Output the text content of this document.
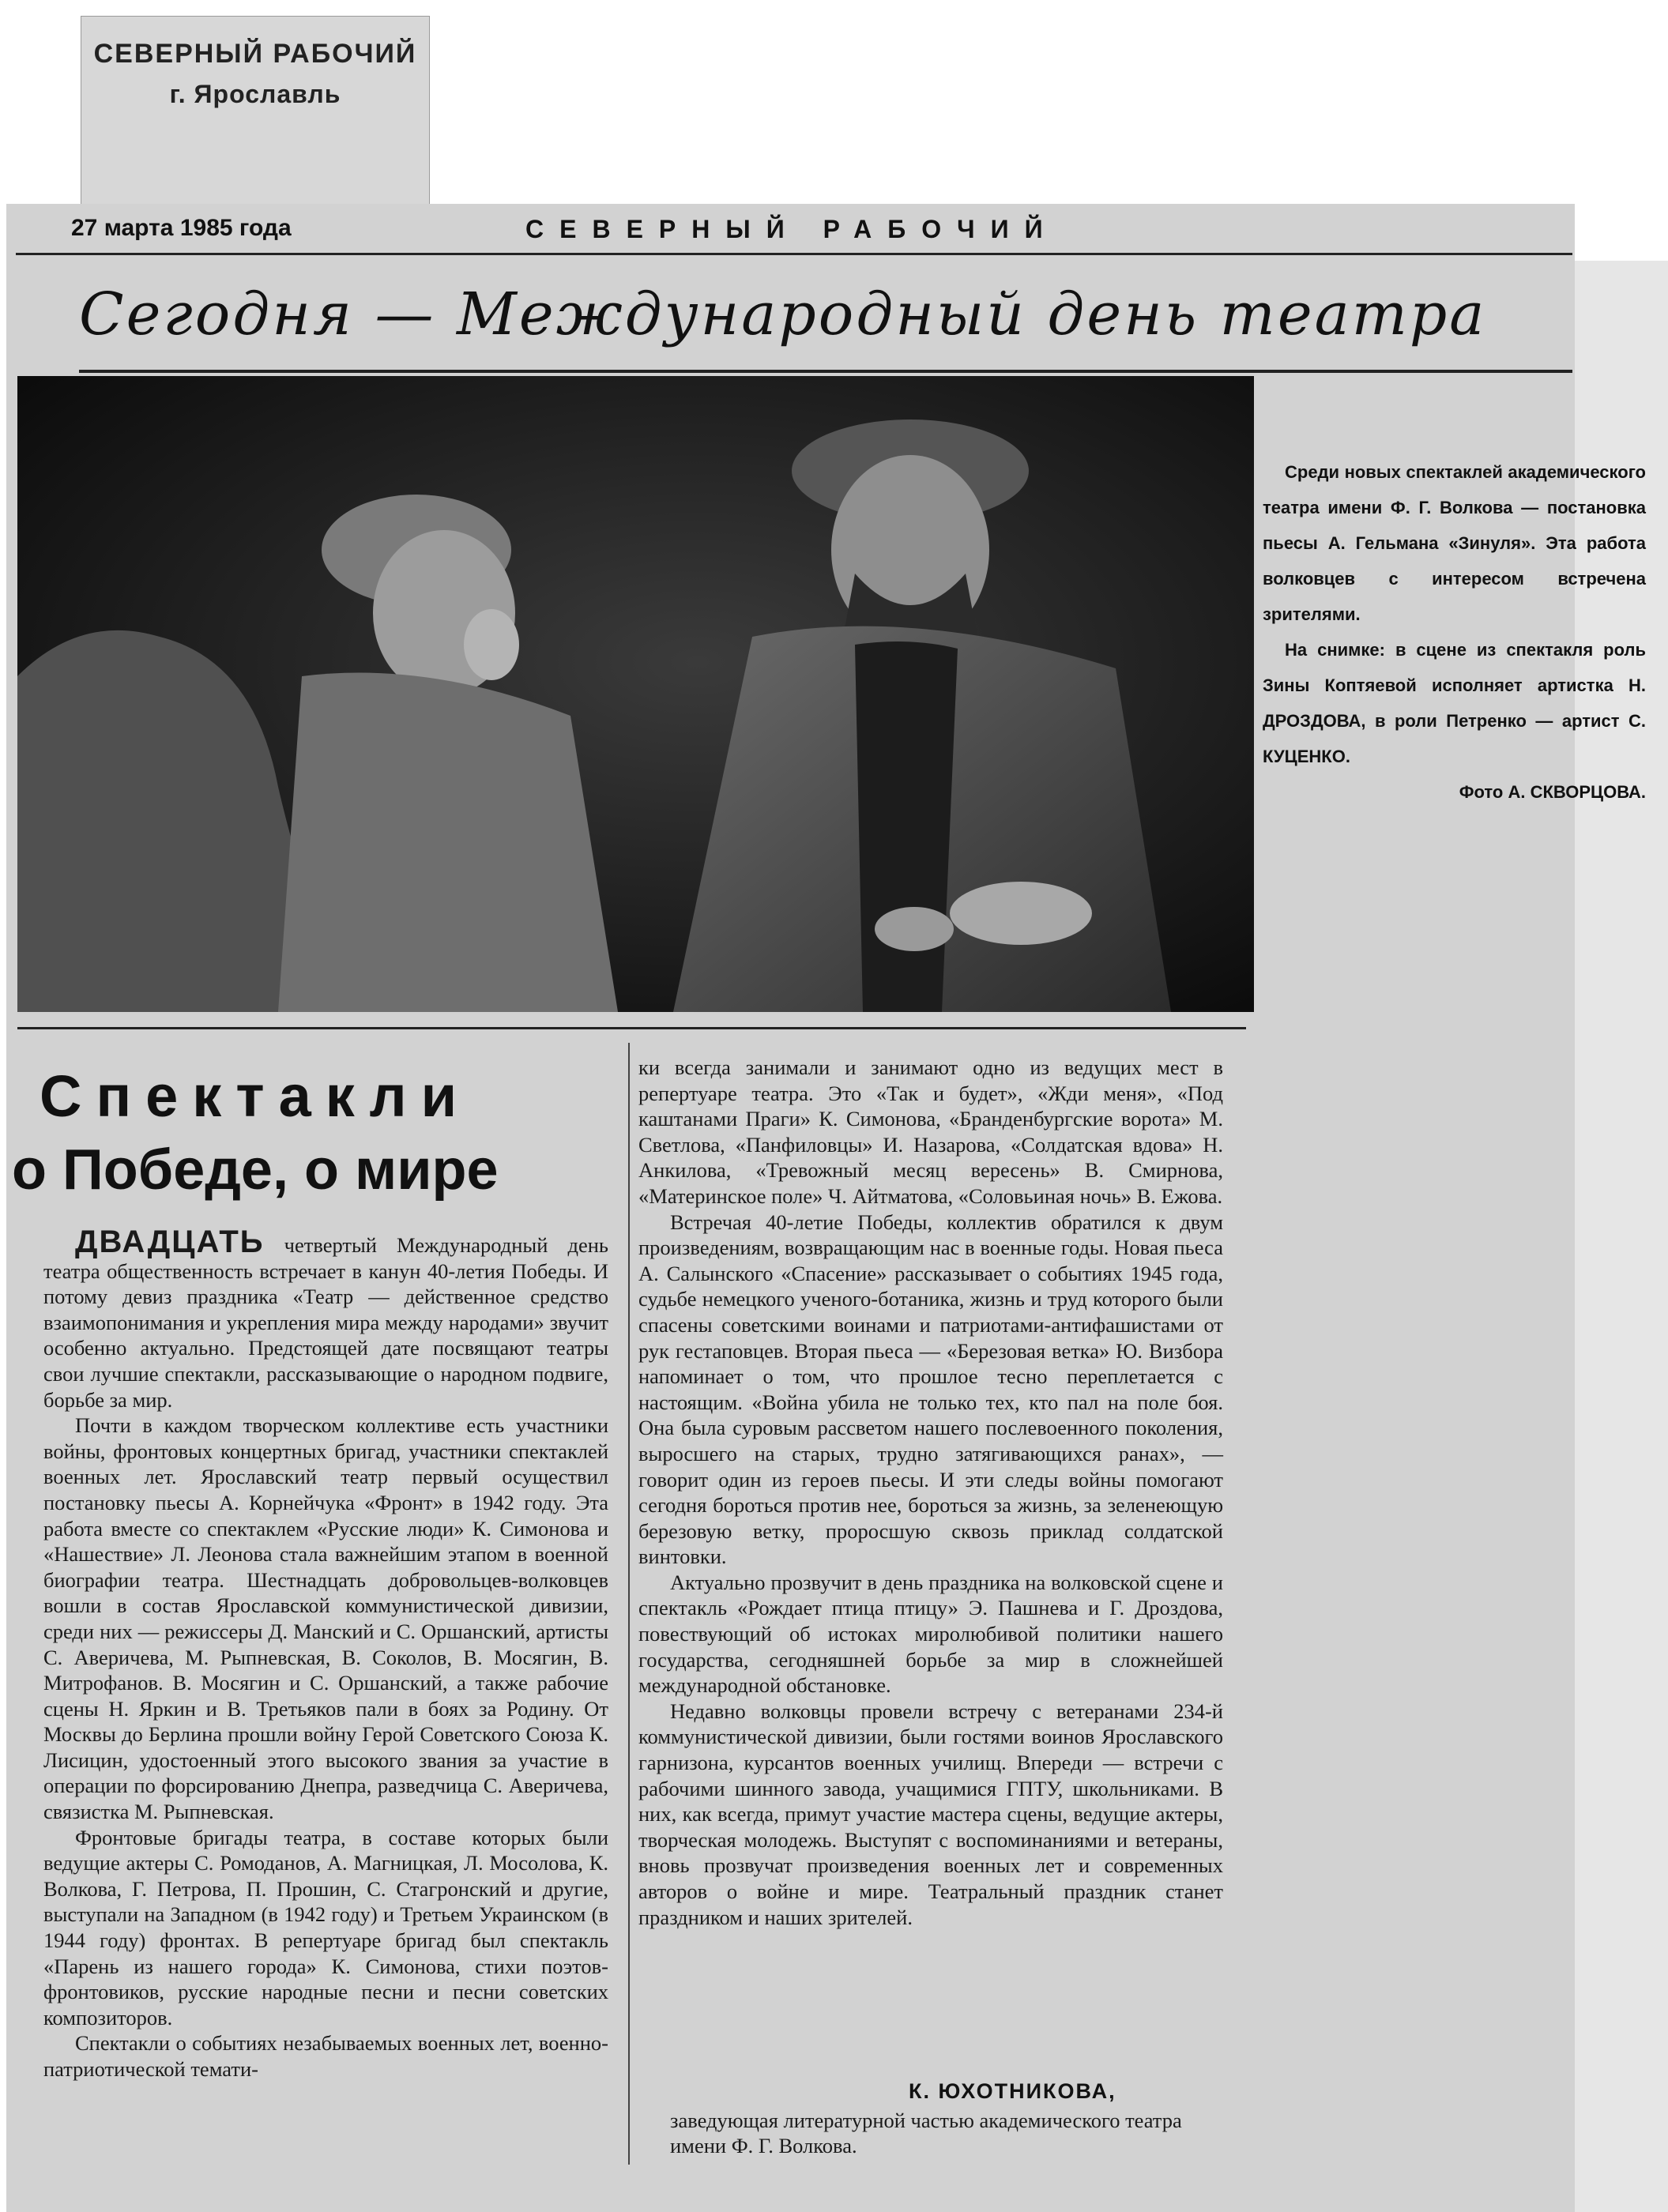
СЕВЕРНЫЙ РАБОЧИЙ
г. Ярославль
27 марта 1985 года	СЕВЕРНЫЙ РАБОЧИЙ
Сегодня — Международный день театра

Среди новых спектаклей академического театра имени Ф. Г. Волкова — постановка пьесы А. Гельмана «Зинуля». Эта работа волковцев с интересом встречена зрителями.

На снимке: в сцене из спектакля роль Зины Коптяевой исполняет артистка Н. ДРОЗДОВА, в роли Петренко — артист С. КУЦЕНКО.

Фото А. СКВОРЦОВА.
Спектакли
о Победе, о мире

ДВАДЦАТЬ четвертый Международный день театра общественность встречает в канун 40-летия Победы. И потому девиз праздника «Театр — действенное средство взаимопонимания и укрепления мира между народами» звучит особенно актуально. Предстоящей дате посвящают театры свои лучшие спектакли, рассказывающие о народном подвиге, борьбе за мир.

Почти в каждом творческом коллективе есть участники войны, фронтовых концертных бригад, участники спектаклей военных лет. Ярославский театр первый осуществил постановку пьесы А. Корнейчука «Фронт» в 1942 году. Эта работа вместе со спектаклем «Русские люди» К. Симонова и «Нашествие» Л. Леонова стала важнейшим этапом в военной биографии театра. Шестнадцать добровольцев-волковцев вошли в состав Ярославской коммунистической дивизии, среди них — режиссеры Д. Манский и С. Оршанский, артисты С. Аверичева, М. Рыпневская, В. Соколов, В. Мосягин, В. Митрофанов. В. Мосягин и С. Оршанский, а также рабочие сцены Н. Яркин и В. Третьяков пали в боях за Родину. От Москвы до Берлина прошли войну Герой Советского Союза К. Лисицин, удостоенный этого высокого звания за участие в операции по форсированию Днепра, разведчица С. Аверичева, связистка М. Рыпневская.

Фронтовые бригады театра, в составе которых были ведущие актеры С. Ромоданов, А. Магницкая, Л. Мосолова, К. Волкова, Г. Петрова, П. Прошин, С. Стагронский и другие, выступали на Западном (в 1942 году) и Третьем Украинском (в 1944 году) фронтах. В репертуаре бригад был спектакль «Парень из нашего города» К. Симонова, стихи поэтов-фронтовиков, русские народные песни и песни советских композиторов.

Спектакли о событиях незабываемых военных лет, военно-патриотической темати-

ки всегда занимали и занимают одно из ведущих мест в репертуаре театра. Это «Так и будет», «Жди меня», «Под каштанами Праги» К. Симонова, «Бранденбургские ворота» М. Светлова, «Панфиловцы» И. Назарова, «Солдатская вдова» Н. Анкилова, «Тревожный месяц вересень» В. Смирнова, «Материнское поле» Ч. Айтматова, «Соловьиная ночь» В. Ежова.

Встречая 40-летие Победы, коллектив обратился к двум произведениям, возвращающим нас в военные годы. Новая пьеса А. Салынского «Спасение» рассказывает о событиях 1945 года, судьбе немецкого ученого-ботаника, жизнь и труд которого были спасены советскими воинами и патриотами-антифашистами от рук гестаповцев. Вторая пьеса — «Березовая ветка» Ю. Визбора напоминает о том, что прошлое тесно переплетается с настоящим. «Война убила не только тех, кто пал на поле боя. Она была суровым рассветом нашего послевоенного поколения, выросшего на старых, трудно затягивающихся ранах», — говорит один из героев пьесы. И эти следы войны помогают сегодня бороться против нее, бороться за жизнь, за зеленеющую березовую ветку, проросшую сквозь приклад солдатской винтовки.

Актуально прозвучит в день праздника на волковской сцене и спектакль «Рождает птица птицу» Э. Пашнева и Г. Дроздова, повествующий об истоках миролюбивой политики нашего государства, сегодняшней борьбе за мир в сложнейшей международной обстановке.

Недавно волковцы провели встречу с ветеранами 234-й коммунистической дивизии, были гостями воинов Ярославского гарнизона, курсантов военных училищ. Впереди — встречи с рабочими шинного завода, учащимися ГПТУ, школьниками. В них, как всегда, примут участие мастера сцены, ведущие актеры, творческая молодежь. Выступят с воспоминаниями и ветераны, вновь прозвучат произведения военных лет и современных авторов о войне и мире. Театральный праздник станет праздником и наших зрителей.

К. ЮХОТНИКОВА,
заведующая литературной частью академического театра имени Ф. Г. Волкова.
